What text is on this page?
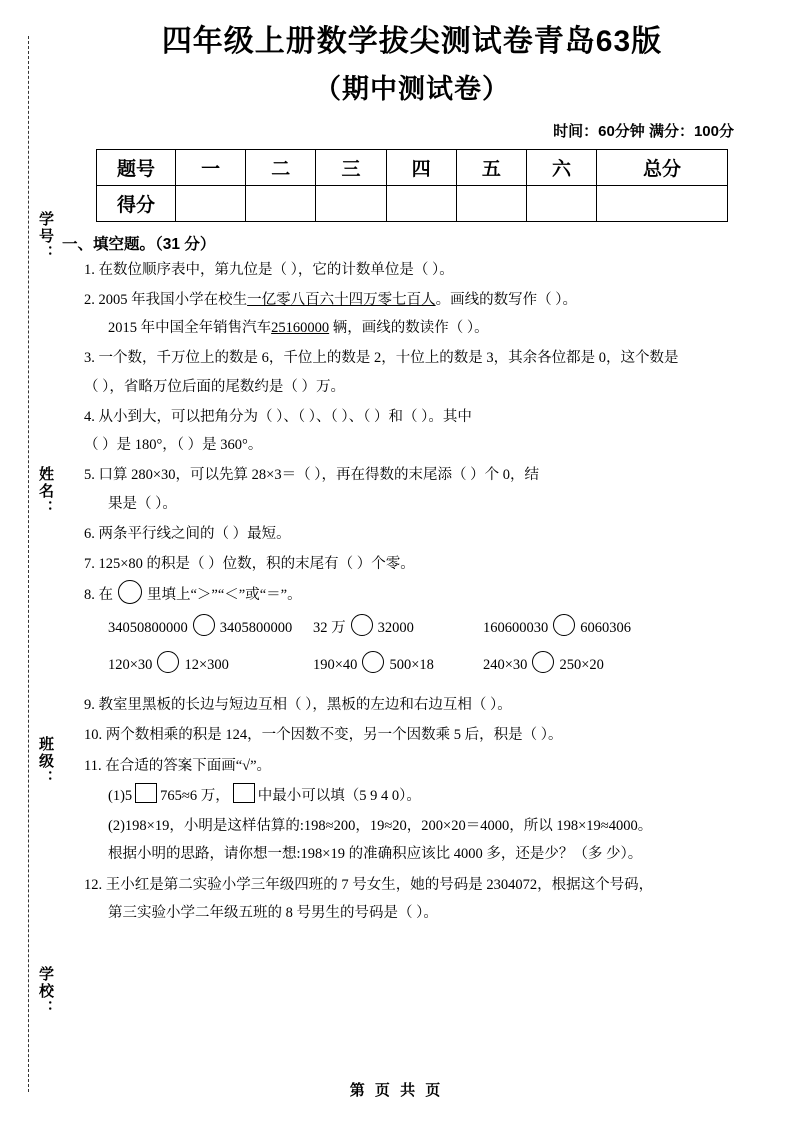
学号：
姓名：
班级：
学校：
四年级上册数学拔尖测试卷青岛63版
（期中测试卷）
时间：60分钟 满分：100分
题号	一	二	三	四	五	六	总分
得分							
一、填空题。（31 分）
1. 在数位顺序表中，第九位是（ ），它的计数单位是（ ）。
2. 2005 年我国小学在校生一亿零八百六十四万零七百人。画线的数写作（ ）。
2015 年中国全年销售汽车25160000 辆，画线的数读作（ ）。
3. 一个数，千万位上的数是 6，千位上的数是 2，十位上的数是 3，其余各位都是 0，这个数是
（ ），省略万位后面的尾数约是（ ）万。
4. 从小到大，可以把角分为（ ）、（ ）、（ ）、（ ）和（ ）。其中
（ ）是 180°，（ ）是 360°。
5. 口算 280×30，可以先算 28×3＝（ ），再在得数的末尾添（ ）个 0，结
果是（ ）。
6. 两条平行线之间的（ ）最短。
7. 125×80 的积是（ ）位数，积的末尾有（ ）个零。
8. 在 里填上“＞”“＜”或“＝”。
34050800000 3405800000	32 万 32000	160600030 6060306
120×30 12×300	190×40 500×18	240×30 250×20
9. 教室里黑板的长边与短边互相（ ），黑板的左边和右边互相（ ）。
10. 两个数相乘的积是 124，一个因数不变，另一个因数乘 5 后，积是（ ）。
11. 在合适的答案下面画“√”。
(1)5 765≈6 万， 中最小可以填（5 9 4 0）。
(2)198×19，小明是这样估算的:198≈200，19≈20，200×20＝4000，所以 198×19≈4000。
根据小明的思路，请你想一想:198×19 的准确积应该比 4000 多，还是少？（多 少）。
12. 王小红是第二实验小学三年级四班的 7 号女生，她的号码是 2304072，根据这个号码，
第三实验小学二年级五班的 8 号男生的号码是（ ）。
第 页 共 页
